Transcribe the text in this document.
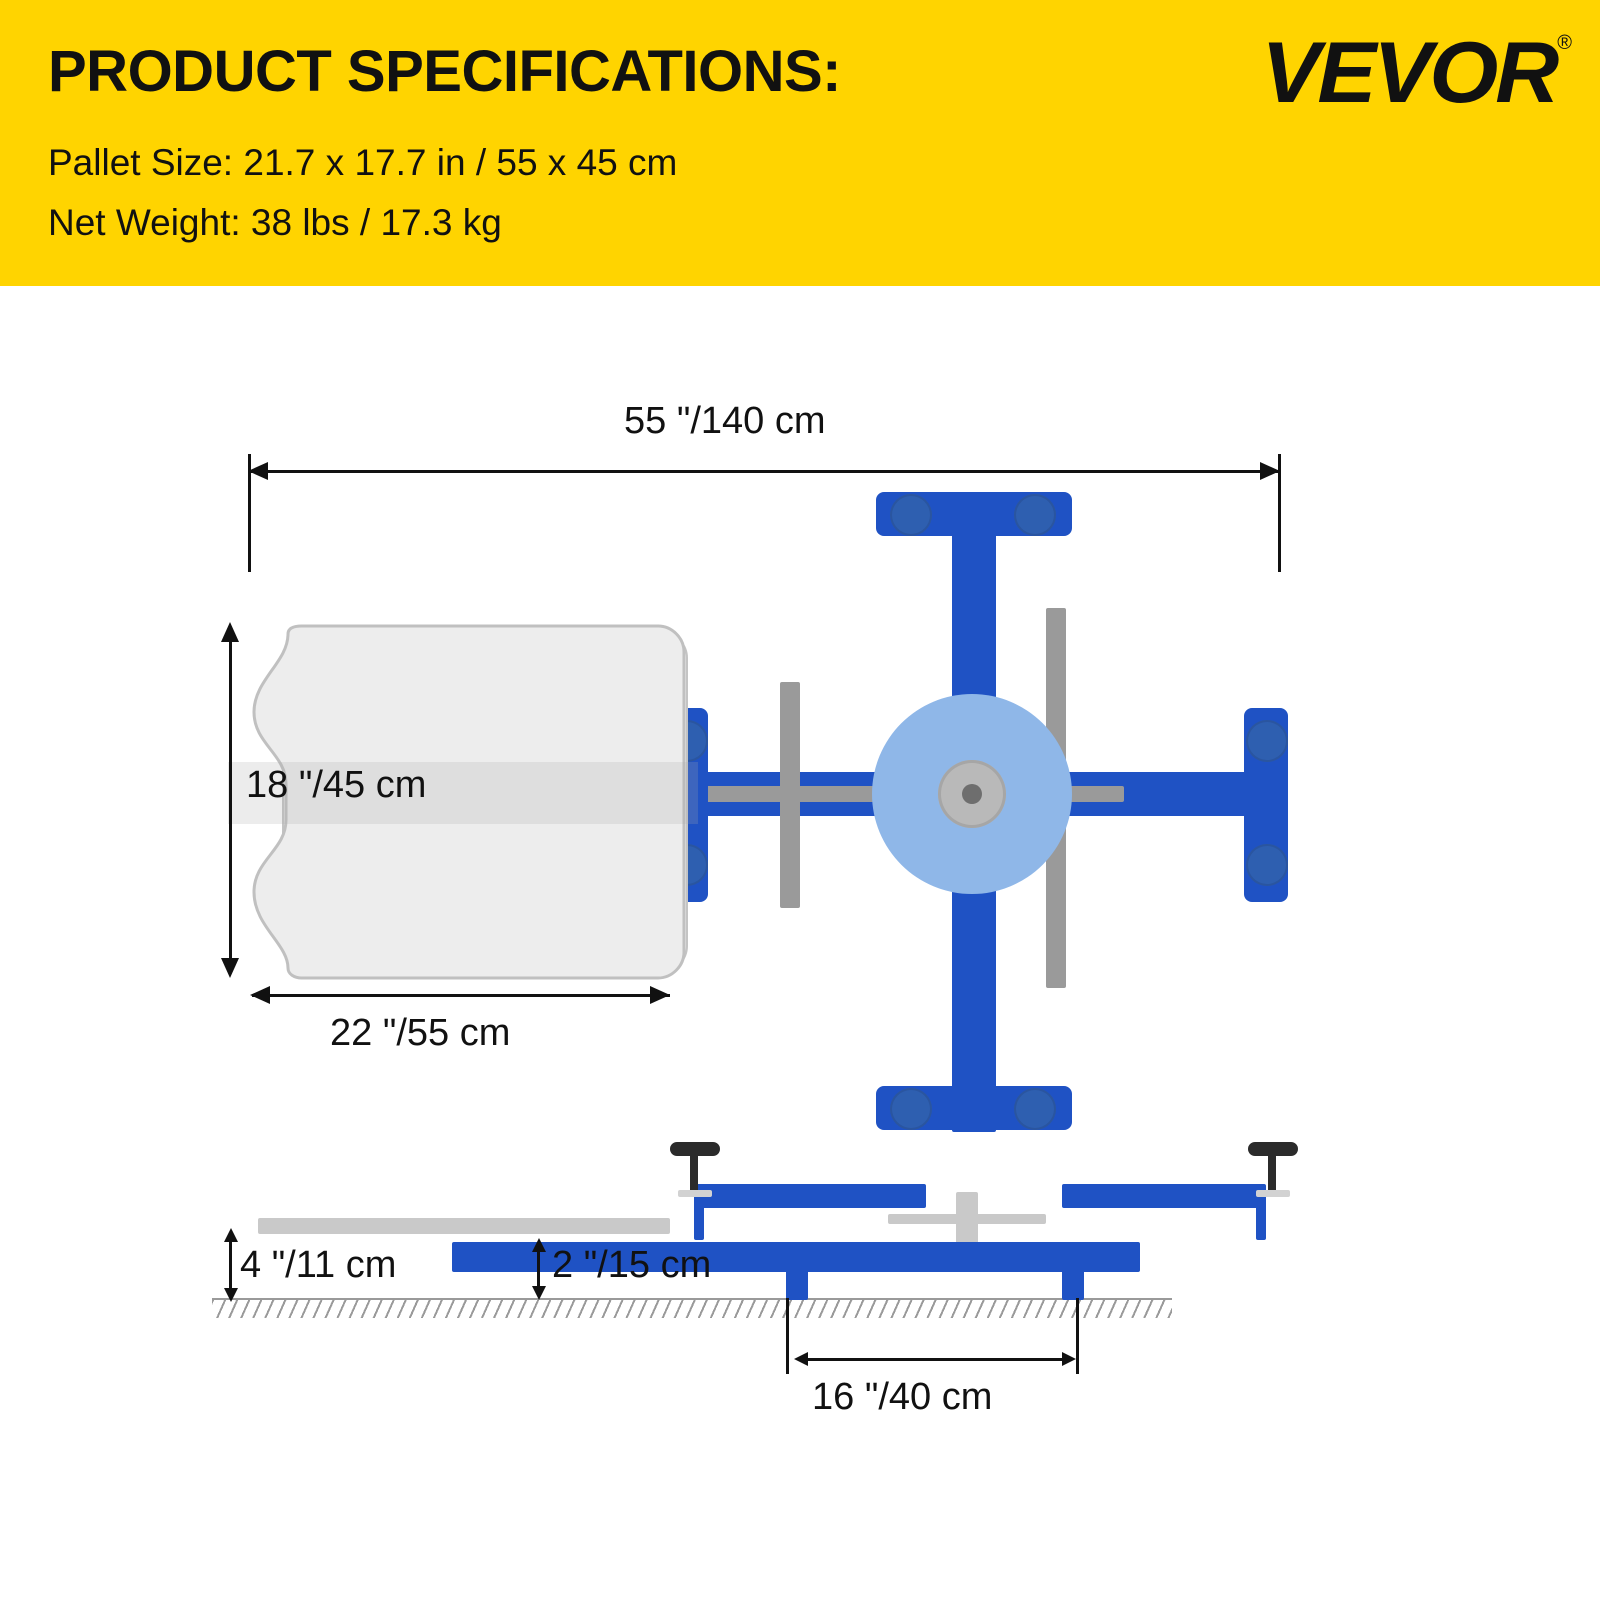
PRODUCT SPECIFICATIONS:
Pallet Size: 21.7 x 17.7 in / 55 x 45 cm
Net Weight: 38 lbs / 17.3 kg
VEVOR ®
55 "/140 cm
18 "/45 cm
22 "/55 cm
4 "/11 cm	2 "/15 cm
16 "/40 cm
